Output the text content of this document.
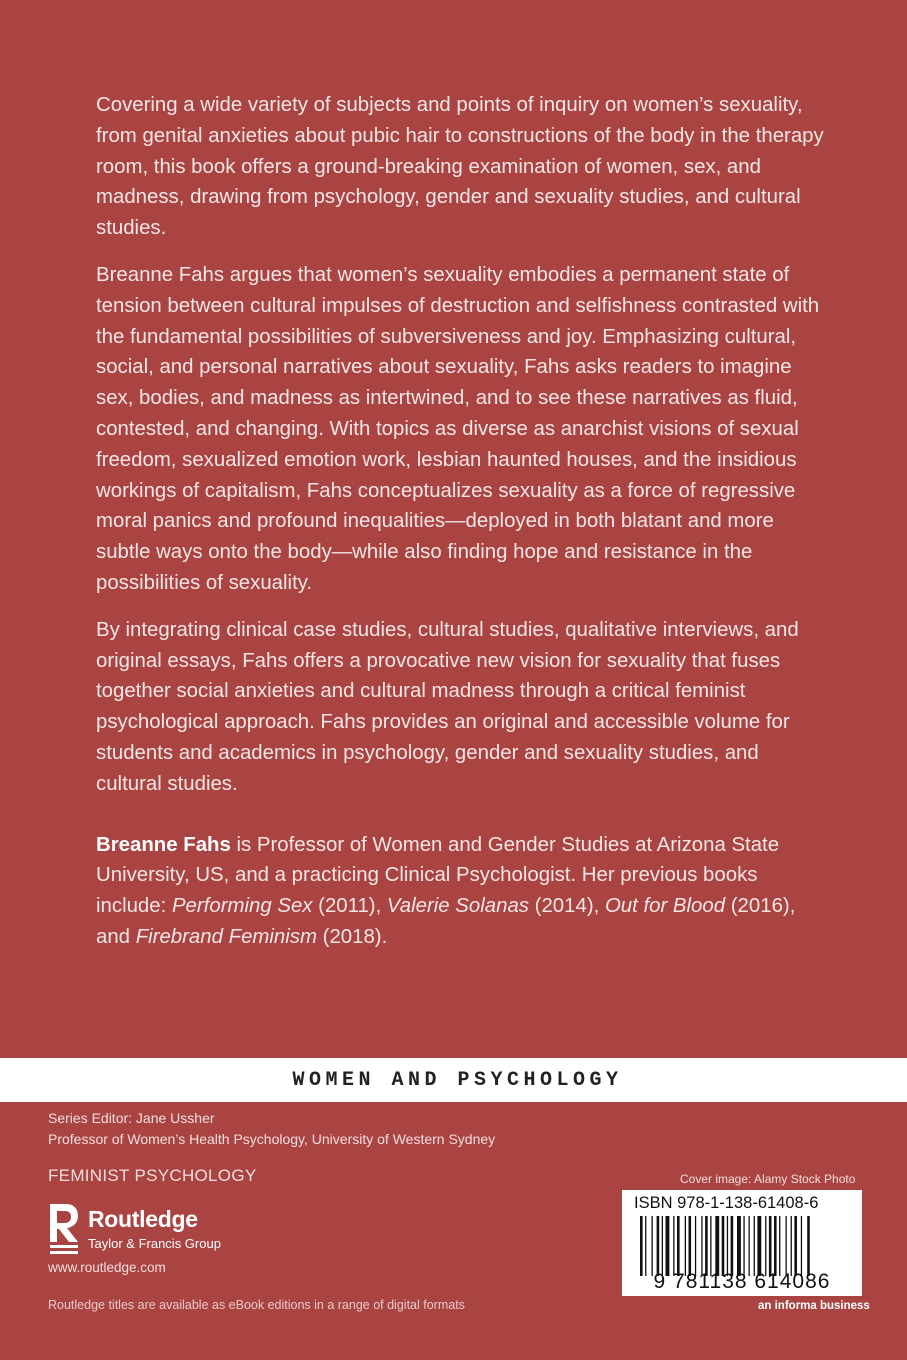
Covering a wide variety of subjects and points of inquiry on women’s sexuality, from genital anxieties about pubic hair to constructions of the body in the therapy room, this book offers a ground-breaking examination of women, sex, and madness, drawing from psychology, gender and sexuality studies, and cultural studies.

Breanne Fahs argues that women’s sexuality embodies a permanent state of tension between cultural impulses of destruction and selfishness contrasted with the fundamental possibilities of subversiveness and joy. Emphasizing cultural, social, and personal narratives about sexuality, Fahs asks readers to imagine sex, bodies, and madness as intertwined, and to see these narratives as fluid, contested, and changing. With topics as diverse as anarchist visions of sexual freedom, sexualized emotion work, lesbian haunted houses, and the insidious workings of capitalism, Fahs conceptualizes sexuality as a force of regressive moral panics and profound inequalities—deployed in both blatant and more subtle ways onto the body—while also finding hope and resistance in the possibilities of sexuality.

By integrating clinical case studies, cultural studies, qualitative interviews, and original essays, Fahs offers a provocative new vision for sexuality that fuses together social anxieties and cultural madness through a critical feminist psychological approach. Fahs provides an original and accessible volume for students and academics in psychology, gender and sexuality studies, and cultural studies.

Breanne Fahs is Professor of Women and Gender Studies at Arizona State University, US, and a practicing Clinical Psychologist. Her previous books include: Performing Sex (2011), Valerie Solanas (2014), Out for Blood (2016), and Firebrand Feminism (2018).

WOMEN AND PSYCHOLOGY
Series Editor: Jane Ussher
Professor of Women’s Health Psychology, University of Western Sydney
FEMINIST PSYCHOLOGY
Routledge
Taylor & Francis Group
www.routledge.com
Routledge titles are available as eBook editions in a range of digital formats
Cover image: Alamy Stock Photo
ISBN 978-1-138-61408-6
9 781138 614086
an informa business
